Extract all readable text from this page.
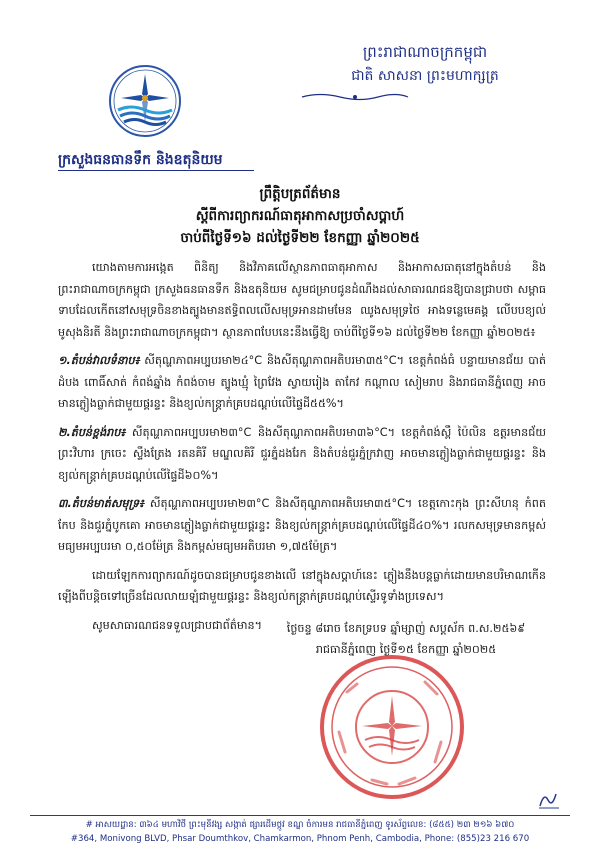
ព្រះរាជាណាចក្រកម្ពុជា
ជាតិ សាសនា ព្រះមហាក្សត្រ
ក្រសួងធនធានទឹក និងឧតុនិយម
ព្រឹត្តិបត្រព័ត៌មាន
ស្តីពីការព្យាករណ៍ធាតុអាកាសប្រចាំសប្តាហ៍
ចាប់ពីថ្ងៃទី១៦ ដល់ថ្ងៃទី២២ ខែកញ្ញា ឆ្នាំ២០២៥

យោងតាមការអង្កេត ពិនិត្យ និងវិភាគលើស្ថានភាពធាតុអាកាស និងអាកាសធាតុនៅក្នុងតំបន់ និងព្រះរាជាណាចក្រកម្ពុជា ក្រសួងធនធានទឹក និងឧតុនិយម សូមជម្រាបជូនដំណឹងដល់សាធារណជនឱ្យបានជ្រាបថា សម្ពាធទាបដែលកើតនៅសមុទ្រចិនខាងត្បូងមានឥទ្ធិពលលើសមុទ្រអានដាមមែន ឈូងសមុទ្រថៃ អាងទន្លេមេគង្គ លើបបខ្យល់មូសុងនិរតី និងព្រះរាជាណាចក្រកម្ពុជា។ ស្ថានភាពបែបនេះនឹងធ្វើឱ្យ ចាប់ពីថ្ងៃទី១៦ ដល់ថ្ងៃទី២២ ខែកញ្ញា ឆ្នាំ២០២៥៖

១.តំបន់វាលទំនាប៖ សីតុណ្ហភាពអប្បបរមា២៤°C និងសីតុណ្ហភាពអតិបរមា៣៥°C។ ខេត្តកំពង់ធំ បន្ទាយមានជ័យ បាត់ដំបង ពោធិ៍សាត់ កំពង់ឆ្នាំង កំពង់ចាម ត្បូងឃ្មុំ ព្រៃវែង ស្វាយរៀង តាកែវ កណ្តាល សៀមរាប និងរាជធានីភ្នំពេញ អាចមានភ្លៀងធ្លាក់ជាមួយផ្គរន្ទះ និងខ្យល់កន្ត្រាក់គ្របដណ្តប់លើផ្ទៃដី៥៥%។

២.តំបន់ខ្ពង់រាប៖ សីតុណ្ហភាពអប្បបរមា២៣°C និងសីតុណ្ហភាពអតិបរមា៣៦°C។ ខេត្តកំពង់ស្ពឺ ប៉ៃលិន ឧត្តរមានជ័យ ព្រះវិហារ ក្រចេះ ស្ទឹងត្រែង រតនគិរី មណ្ឌលគិរី ជួរភ្នំដងរែក និងតំបន់ជួរភ្នំក្រវាញ អាចមានភ្លៀងធ្លាក់ជាមួយផ្គរន្ទះ និងខ្យល់កន្ត្រាក់គ្របដណ្តប់លើផ្ទៃដី៦០%។

៣.តំបន់មាត់សមុទ្រ៖ សីតុណ្ហភាពអប្បបរមា២៣°C និងសីតុណ្ហភាពអតិបរមា៣៥°C។ ខេត្តកោះកុង ព្រះសីហនុ កំពត កែប និងជួរភ្នំបូកគោ អាចមានភ្លៀងធ្លាក់ជាមួយផ្គរន្ទះ និងខ្យល់កន្ត្រាក់គ្របដណ្តប់លើផ្ទៃដី៤០%។ រលកសមុទ្រមានកម្ពស់មធ្យមអប្បបរមា ០,៥០ម៉ែត្រ និងកម្ពស់មធ្យមអតិបរមា ១,៧៥ម៉ែត្រ។

ដោយឡែកការព្យាករណ៍ដូចបានជម្រាបជូនខាងលើ នៅក្នុងសប្តាហ៍នេះ ភ្លៀងនឹងបន្តធ្លាក់ដោយមានបរិមាណកើនឡើងពីបន្តិចទៅច្រើនដែលលាយឡំជាមួយផ្គរន្ទះ និងខ្យល់កន្ត្រាក់គ្របដណ្តប់ស្ទើរទូទាំងប្រទេស។

សូមសាធារណជនទទួលជ្រាបជាព័ត៌មាន។	ថ្ងៃចន្ទ ៨រោច ខែភទ្របទ ឆ្នាំម្សាញ់ សប្តស័ក ព.ស.២៥៦៩
រាជធានីភ្នំពេញ ថ្ងៃទី១៥ ខែកញ្ញា ឆ្នាំ២០២៥
# អាសយដ្ឋាន: ៣៦៤ មហាវិថី ព្រះមុនីវង្ស សង្កាត់ ផ្សារដើមថ្កូវ ខណ្ឌ ចំការមន រាជធានីភ្នំពេញ ទូរស័ព្ទលេខ: (៨៥៥) ២៣ ២១៦ ៦៧០
#364, Monivong BLVD, Phsar Doumthkov, Chamkarmon, Phnom Penh, Cambodia, Phone: (855)23 216 670
